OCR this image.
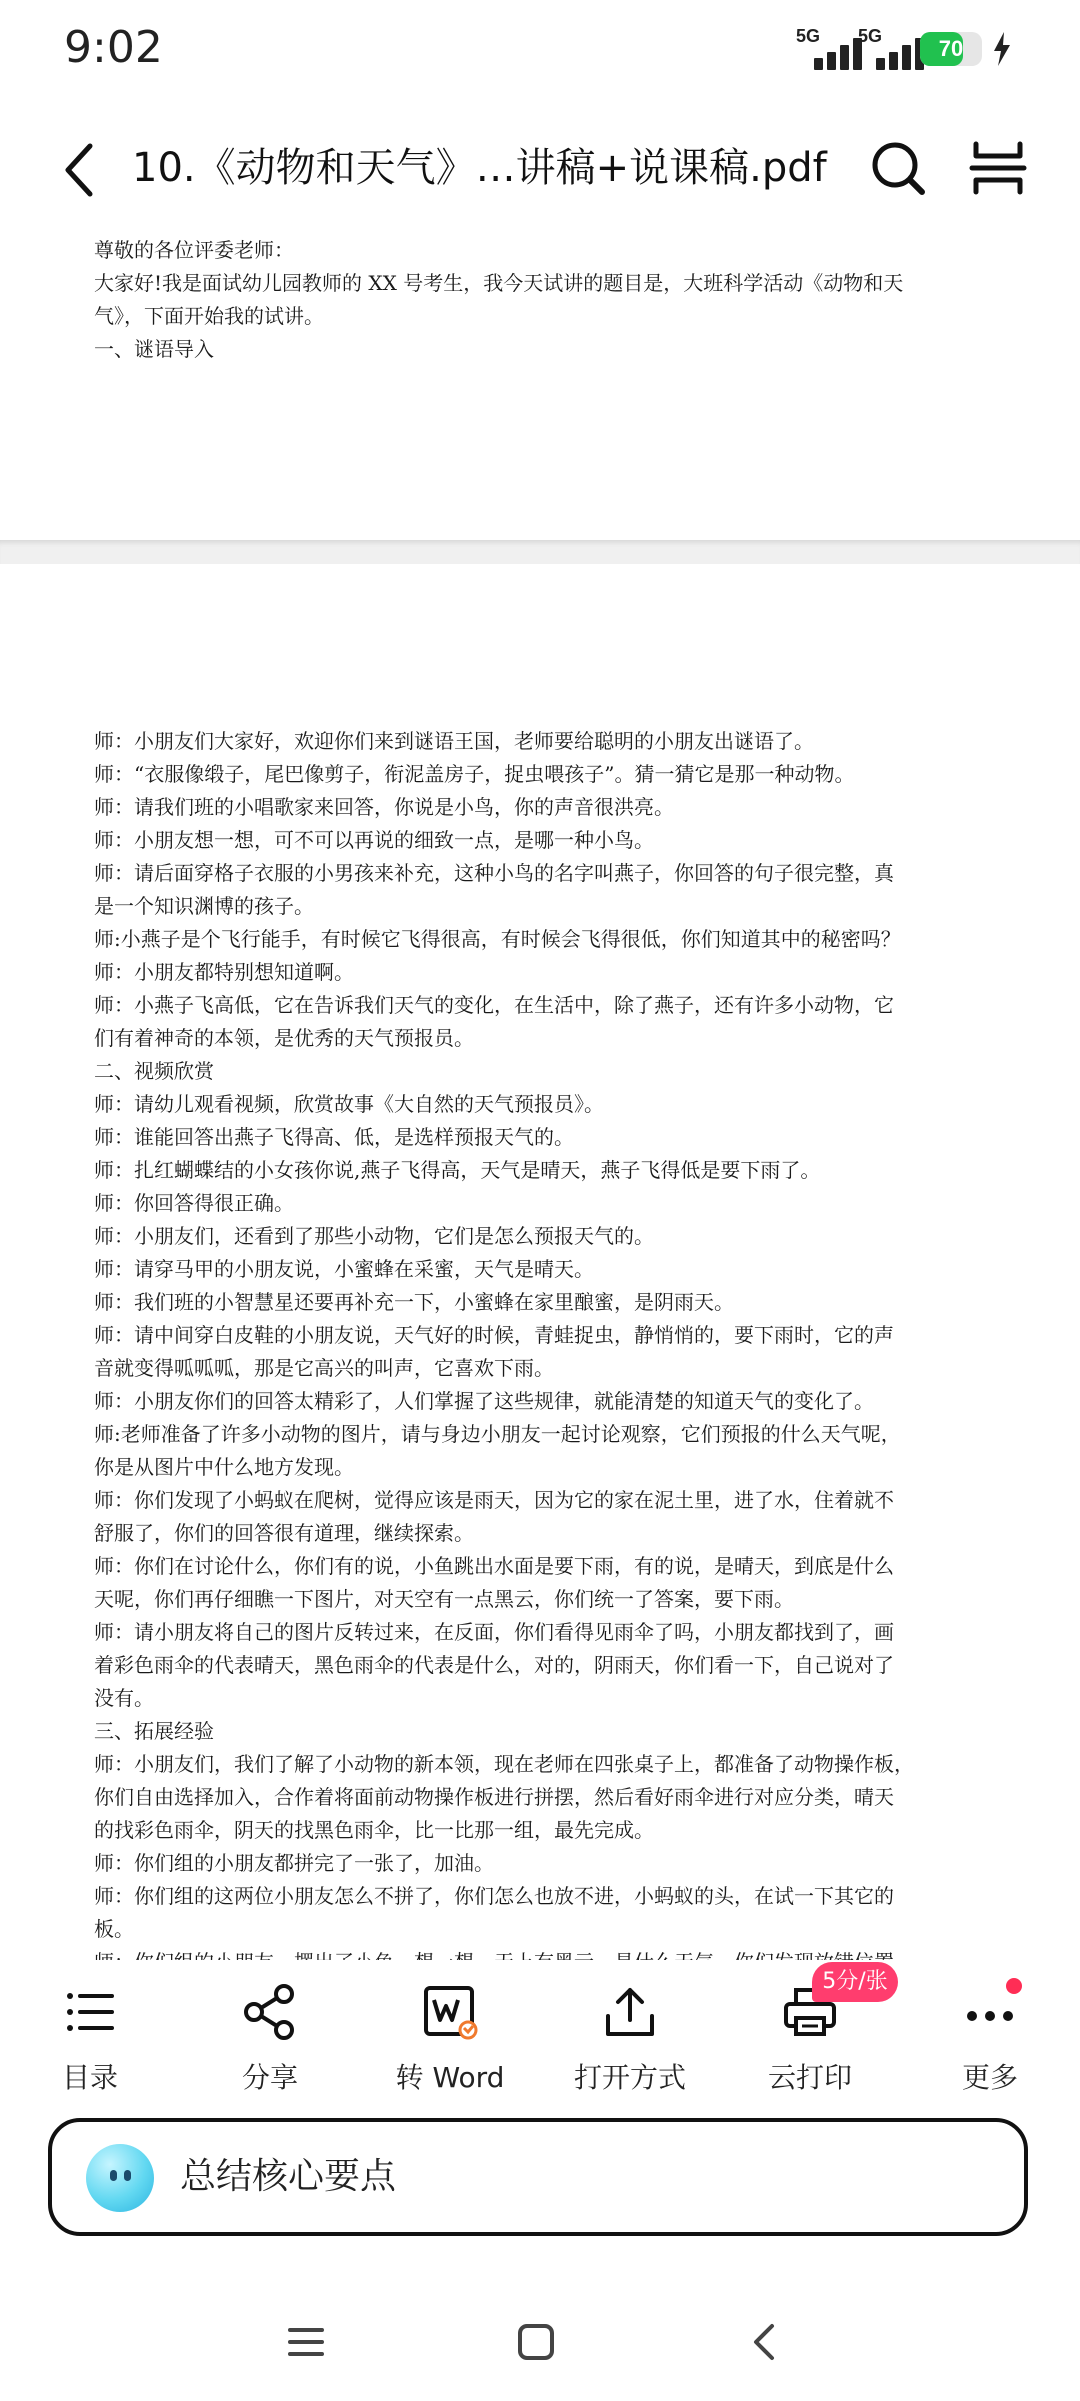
9:02	5G 5G	70
10.《动物和天气》…讲稿+说课稿.pdf

尊敬的各位评委老师：

大家好!我是面试幼儿园教师的 XX 号考生，我今天试讲的题目是，大班科学活动《动物和天

气》，下面开始我的试讲。

一、谜语导入

师：小朋友们大家好，欢迎你们来到谜语王国，老师要给聪明的小朋友出谜语了。

师：“衣服像缎子，尾巴像剪子，衔泥盖房子，捉虫喂孩子”。猜一猜它是那一种动物。

师：请我们班的小唱歌家来回答，你说是小鸟，你的声音很洪亮。

师：小朋友想一想，可不可以再说的细致一点，是哪一种小鸟。

师：请后面穿格子衣服的小男孩来补充，这种小鸟的名字叫燕子，你回答的句子很完整，真

是一个知识渊博的孩子。

师:小燕子是个飞行能手，有时候它飞得很高，有时候会飞得很低，你们知道其中的秘密吗？

师：小朋友都特别想知道啊。

师：小燕子飞高低，它在告诉我们天气的变化，在生活中，除了燕子，还有许多小动物，它

们有着神奇的本领，是优秀的天气预报员。

二、视频欣赏

师：请幼儿观看视频，欣赏故事《大自然的天气预报员》。

师：谁能回答出燕子飞得高、低，是选样预报天气的。

师：扎红蝴蝶结的小女孩你说,燕子飞得高，天气是晴天，燕子飞得低是要下雨了。

师：你回答得很正确。

师：小朋友们，还看到了那些小动物，它们是怎么预报天气的。

师：请穿马甲的小朋友说，小蜜蜂在采蜜，天气是晴天。

师：我们班的小智慧星还要再补充一下，小蜜蜂在家里酿蜜，是阴雨天。

师：请中间穿白皮鞋的小朋友说，天气好的时候，青蛙捉虫，静悄悄的，要下雨时，它的声

音就变得呱呱呱，那是它高兴的叫声，它喜欢下雨。

师：小朋友你们的回答太精彩了，人们掌握了这些规律，就能清楚的知道天气的变化了。

师:老师准备了许多小动物的图片，请与身边小朋友一起讨论观察，它们预报的什么天气呢，

你是从图片中什么地方发现。

师：你们发现了小蚂蚁在爬树，觉得应该是雨天，因为它的家在泥土里，进了水，住着就不

舒服了，你们的回答很有道理，继续探索。

师：你们在讨论什么，你们有的说，小鱼跳出水面是要下雨，有的说，是晴天，到底是什么

天呢，你们再仔细瞧一下图片，对天空有一点黑云，你们统一了答案，要下雨。

师：请小朋友将自己的图片反转过来，在反面，你们看得见雨伞了吗，小朋友都找到了，画

着彩色雨伞的代表晴天，黑色雨伞的代表是什么，对的，阴雨天，你们看一下，自己说对了

没有。

三、拓展经验

师：小朋友们，我们了解了小动物的新本领，现在老师在四张桌子上，都准备了动物操作板，

你们自由选择加入，合作着将面前动物操作板进行拼摆，然后看好雨伞进行对应分类，晴天

的找彩色雨伞，阴天的找黑色雨伞，比一比那一组，最先完成。

师：你们组的小朋友都拼完了一张了，加油。

师：你们组的这两位小朋友怎么不拼了，你们怎么也放不进，小蚂蚁的头，在试一下其它的

板。

目录	分享	转 Word	打开方式	云打印	更多
5分/张
总结核心要点
